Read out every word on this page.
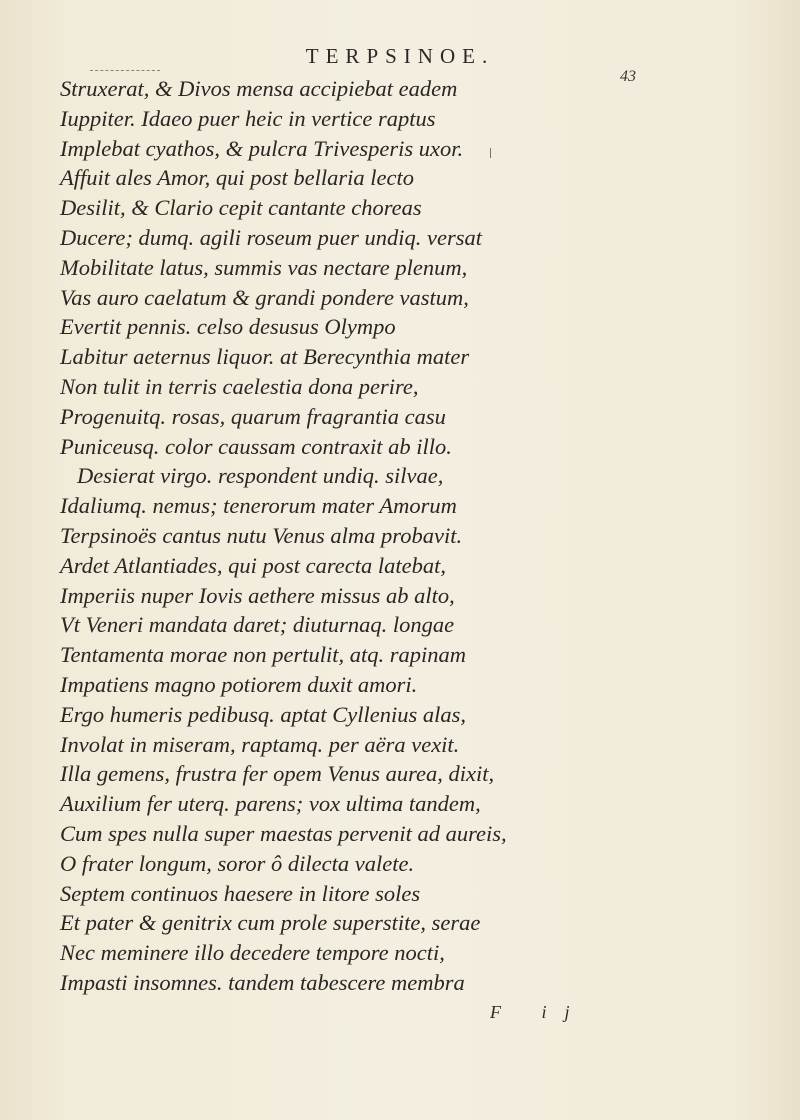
TERPSINOE.
43
Struxerat, & Divos mensa accipiebat eadem
Iuppiter. Idaeo puer heic in vertice raptus
Implebat cyathos, & pulcra Trivesperis uxor.
Affuit ales Amor, qui post bellaria lecto
Desilit, & Clario cepit cantante choreas
Ducere; dumq. agili roseum puer undiq. versat
Mobilitate latus, summis vas nectare plenum,
Vas auro caelatum & grandi pondere vastum,
Evertit pennis. celso desusus Olympo
Labitur aeternus liquor. at Berecynthia mater
Non tulit in terris caelestia dona perire,
Progenuitq. rosas, quarum fragrantia casu
Puniceusq. color caussam contraxit ab illo.
Desierat virgo. respondent undiq. silvae,
Idaliumq. nemus; tenerorum mater Amorum
Terpsinoës cantus nutu Venus alma probavit.
Ardet Atlantiades, qui post carecta latebat,
Imperiis nuper Iovis aethere missus ab alto,
Vt Veneri mandata daret; diuturnaq. longae
Tentamenta morae non pertulit, atq. rapinam
Impatiens magno potiorem duxit amori.
Ergo humeris pedibusq. aptat Cyllenius alas,
Involat in miseram, raptamq. per aëra vexit.
Illa gemens, frustra fer opem Venus aurea, dixit,
Auxilium fer uterq. parens; vox ultima tandem,
Cum spes nulla super maestas pervenit ad aureis,
O frater longum, soror ô dilecta valete.
Septem continuos haesere in litore soles
Et pater & genitrix cum prole superstite, serae
Nec meminere illo decedere tempore nocti,
Impasti insomnes. tandem tabescere membra
F ij
